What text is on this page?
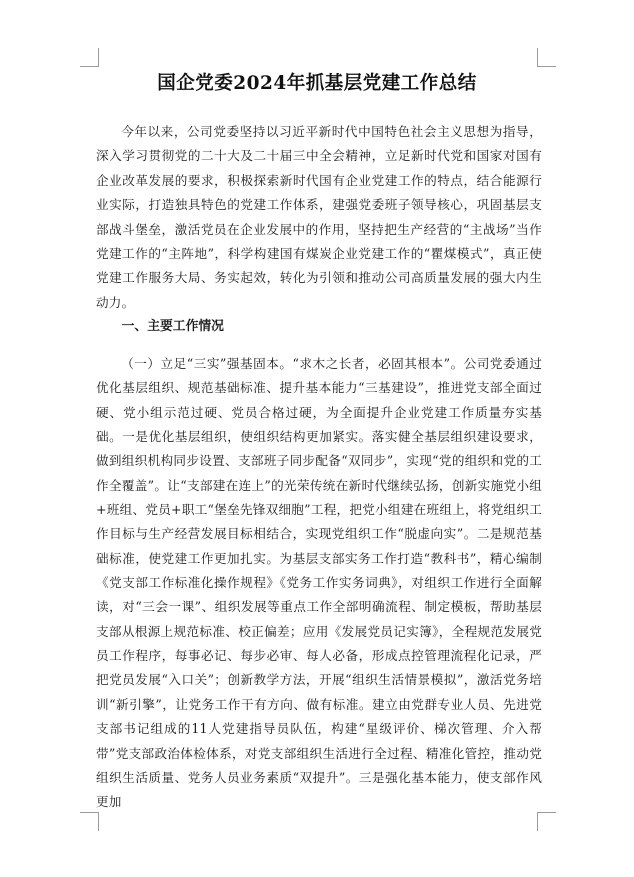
国企党委2024年抓基层党建工作总结

今年以来，公司党委坚持以习近平新时代中国特色社会主义思想为指导，深入学习贯彻党的二十大及二十届三中全会精神，立足新时代党和国家对国有企业改革发展的要求，积极探索新时代国有企业党建工作的特点，结合能源行业实际，打造独具特色的党建工作体系，建强党委班子领导核心，巩固基层支部战斗堡垒，激活党员在企业发展中的作用，坚持把生产经营的“主战场”当作党建工作的“主阵地”，科学构建国有煤炭企业党建工作的“瞿煤模式”，真正使党建工作服务大局、务实起效，转化为引领和推动公司高质量发展的强大内生动力。

一、主要工作情况

（一）立足“三实”强基固本。“求木之长者，必固其根本”。公司党委通过优化基层组织、规范基础标准、提升基本能力“三基建设”，推进党支部全面过硬、党小组示范过硬、党员合格过硬，为全面提升企业党建工作质量夯实基础。一是优化基层组织，使组织结构更加紧实。落实健全基层组织建设要求，做到组织机构同步设置、支部班子同步配备“双同步”，实现“党的组织和党的工作全覆盖”。让“支部建在连上”的光荣传统在新时代继续弘扬，创新实施党小组+班组、党员+职工“堡垒先锋双细胞”工程，把党小组建在班组上，将党组织工作目标与生产经营发展目标相结合，实现党组织工作“脱虚向实”。二是规范基础标准，使党建工作更加扎实。为基层支部实务工作打造“教科书”，精心编制《党支部工作标准化操作规程》《党务工作实务词典》，对组织工作进行全面解读，对“三会一课”、组织发展等重点工作全部明确流程、制定模板，帮助基层支部从根源上规范标准、校正偏差；应用《发展党员记实簿》，全程规范发展党员工作程序，每事必记、每步必审、每人必备，形成点控管理流程化记录，严把党员发展“入口关”；创新教学方法，开展“组织生活情景模拟”，激活党务培训“新引擎”，让党务工作干有方向、做有标准。建立由党群专业人员、先进党支部书记组成的11人党建指导员队伍，构建“星级评价、梯次管理、介入帮带”党支部政治体检体系，对党支部组织生活进行全过程、精准化管控，推动党组织生活质量、党务人员业务素质“双提升”。三是强化基本能力，使支部作风更加
